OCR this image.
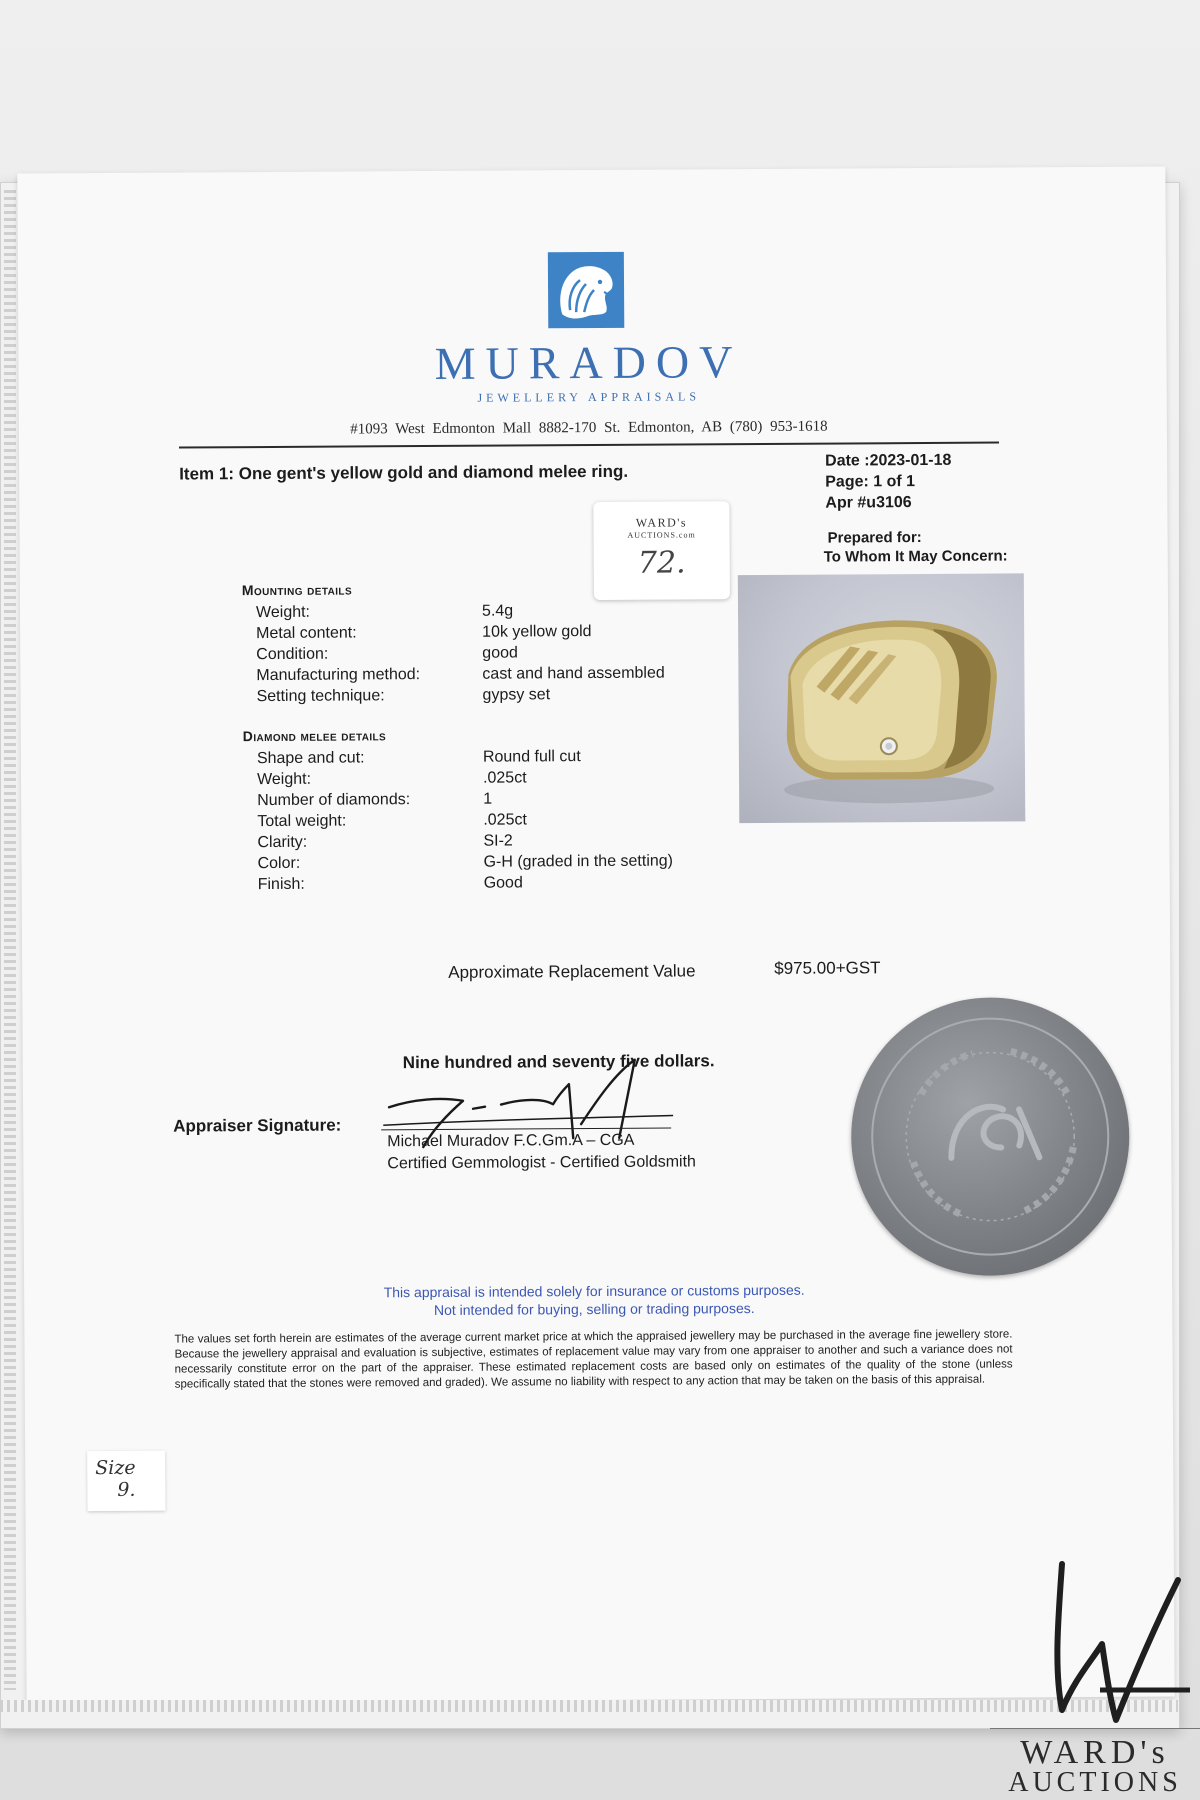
MURADOV
JEWELLERY APPRAISALS
#1093 West Edmonton Mall 8882-170 St. Edmonton, AB (780) 953-1618
Item 1: One gent's yellow gold and diamond melee ring.
Date :2023-01-18
Page: 1 of 1
Apr #u3106
Prepared for:
To Whom It May Concern:
WARD's
AUCTIONS.com
72.
Mounting details
Weight:	5.4g
Metal content:	10k yellow gold
Condition:	good
Manufacturing method:	cast and hand assembled
Setting technique:	gypsy set
Diamond melee details
Shape and cut:	Round full cut
Weight:	.025ct
Number of diamonds:	1
Total weight:	.025ct
Clarity:	SI-2
Color:	G-H (graded in the setting)
Finish:	Good
Approximate Replacement Value	$975.00+GST
Nine hundred and seventy five dollars.
Appraiser Signature:
Michael Muradov F.C.Gm.A – CGA
Certified Gemmologist - Certified Goldsmith
This appraisal is intended solely for insurance or customs purposes.
Not intended for buying, selling or trading purposes.
The values set forth herein are estimates of the average current market price at which the appraised jewellery may be purchased in the average fine jewellery store. Because the jewellery appraisal and evaluation is subjective, estimates of replacement value may vary from one appraiser to another and such a variance does not necessarily constitute error on the part of the appraiser. These estimated replacement costs are based only on estimates of the quality of the stone (unless specifically stated that the stones were removed and graded). We assume no liability with respect to any action that may be taken on the basis of this appraisal.
Size
9.
WARD's
AUCTIONS
